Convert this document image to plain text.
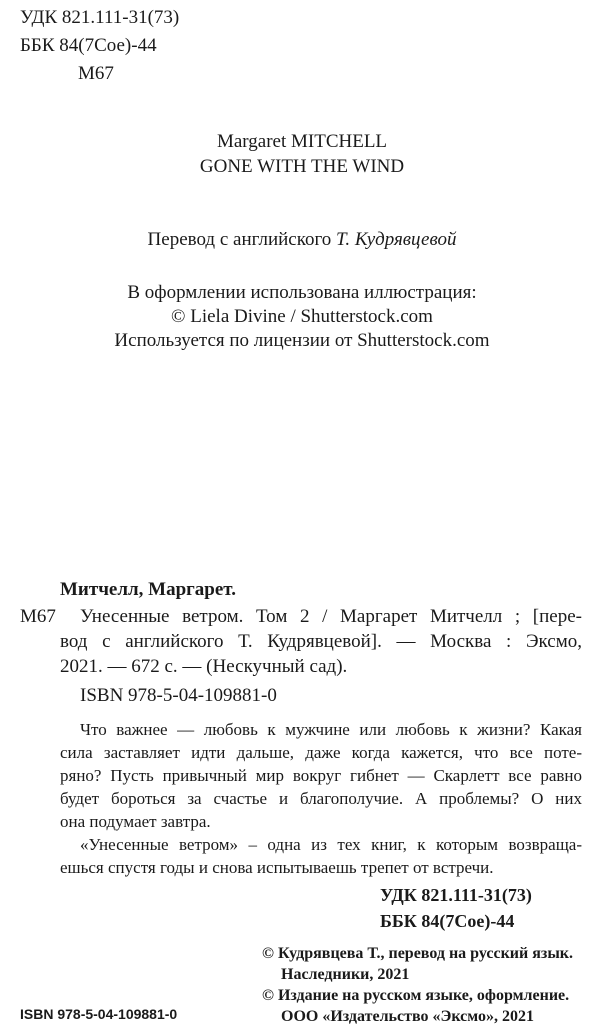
УДК 821.111-31(73)
ББК 84(7Сое)-44
М67
Margaret MITCHELL
GONE WITH THE WIND
Перевод с английского Т. Кудрявцевой
В оформлении использована иллюстрация:
© Liela Divine / Shutterstock.com
Используется по лицензии от Shutterstock.com
Митчелл, Маргарет.
М67 Унесенные ветром. Том 2 / Маргарет Митчелл ; [пере-
вод с английского Т. Кудрявцевой]. — Москва : Эксмо,
2021. — 672 с. — (Нескучный сад).
ISBN 978-5-04-109881-0
Что важнее — любовь к мужчине или любовь к жизни? Какая
сила заставляет идти дальше, даже когда кажется, что все поте-
ряно? Пусть привычный мир вокруг гибнет — Скарлетт все равно
будет бороться за счастье и благополучие. А проблемы? О них
она подумает завтра.
«Унесенные ветром» – одна из тех книг, к которым возвраща-
ешься спустя годы и снова испытываешь трепет от встречи.
УДК 821.111-31(73)
ББК 84(7Сое)-44
© Кудрявцева Т., перевод на русский язык.
Наследники, 2021
© Издание на русском языке, оформление.
ООО «Издательство «Эксмо», 2021
ISBN 978-5-04-109881-0
